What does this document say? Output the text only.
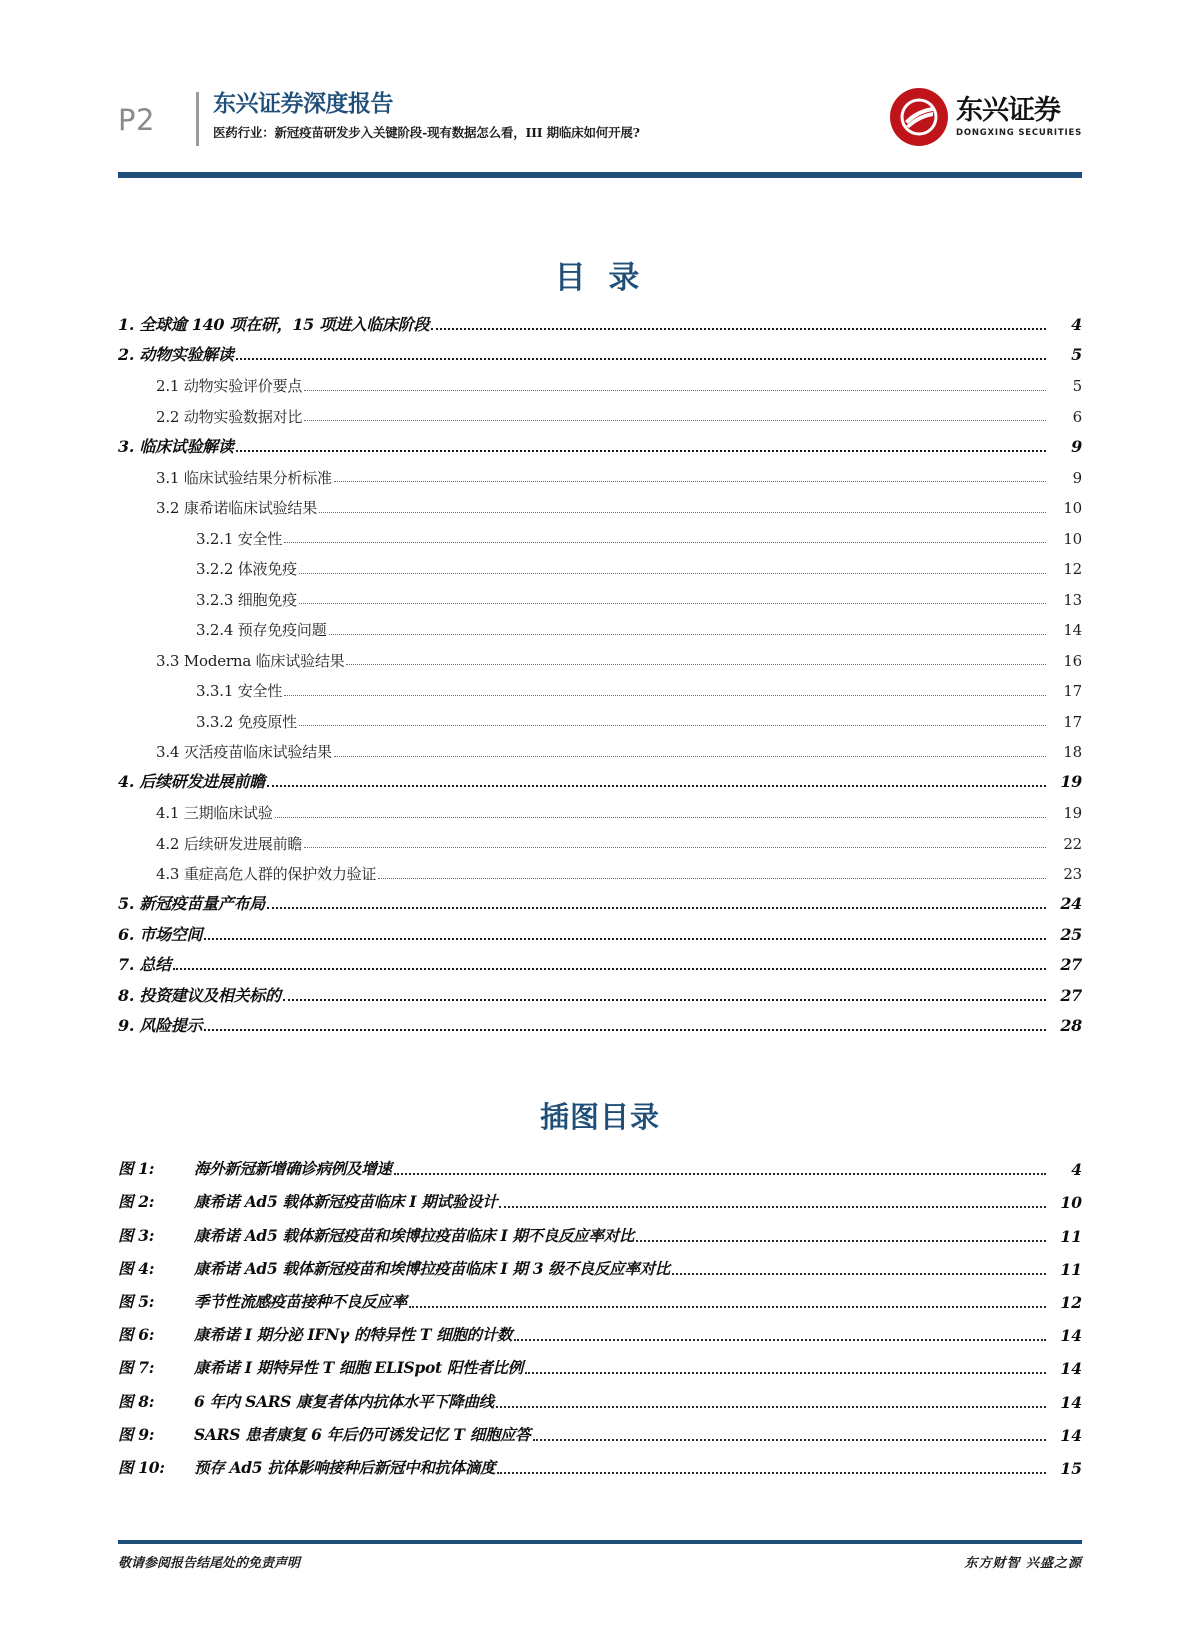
P2	东兴证券深度报告
医药行业：新冠疫苗研发步入关键阶段-现有数据怎么看，III 期临床如何开展?
东兴证券
DONGXING SECURITIES
目 录
1. 全球逾 140 项在研，15 项进入临床阶段	4
2. 动物实验解读	5
2.1 动物实验评价要点	5
2.2 动物实验数据对比	6
3. 临床试验解读	9
3.1 临床试验结果分析标准	9
3.2 康希诺临床试验结果	10
3.2.1 安全性	10
3.2.2 体液免疫	12
3.2.3 细胞免疫	13
3.2.4 预存免疫问题	14
3.3 Moderna 临床试验结果	16
3.3.1 安全性	17
3.3.2 免疫原性	17
3.4 灭活疫苗临床试验结果	18
4. 后续研发进展前瞻	19
4.1 三期临床试验	19
4.2 后续研发进展前瞻	22
4.3 重症高危人群的保护效力验证	23
5. 新冠疫苗量产布局	24
6. 市场空间	25
7. 总结	27
8. 投资建议及相关标的	27
9. 风险提示	28
插图目录
图 1:	海外新冠新增确诊病例及增速	4
图 2:	康希诺 Ad5 载体新冠疫苗临床 I 期试验设计	10
图 3:	康希诺 Ad5 载体新冠疫苗和埃博拉疫苗临床 I 期不良反应率对比	11
图 4:	康希诺 Ad5 载体新冠疫苗和埃博拉疫苗临床 I 期 3 级不良反应率对比	11
图 5:	季节性流感疫苗接种不良反应率	12
图 6:	康希诺 I 期分泌 IFNγ 的特异性 T 细胞的计数	14
图 7:	康希诺 I 期特异性 T 细胞 ELISpot 阳性者比例	14
图 8:	6 年内 SARS 康复者体内抗体水平下降曲线	14
图 9:	SARS 患者康复 6 年后仍可诱发记忆 T 细胞应答	14
图 10:	预存 Ad5 抗体影响接种后新冠中和抗体滴度	15
敬请参阅报告结尾处的免责声明	东方财智 兴盛之源
